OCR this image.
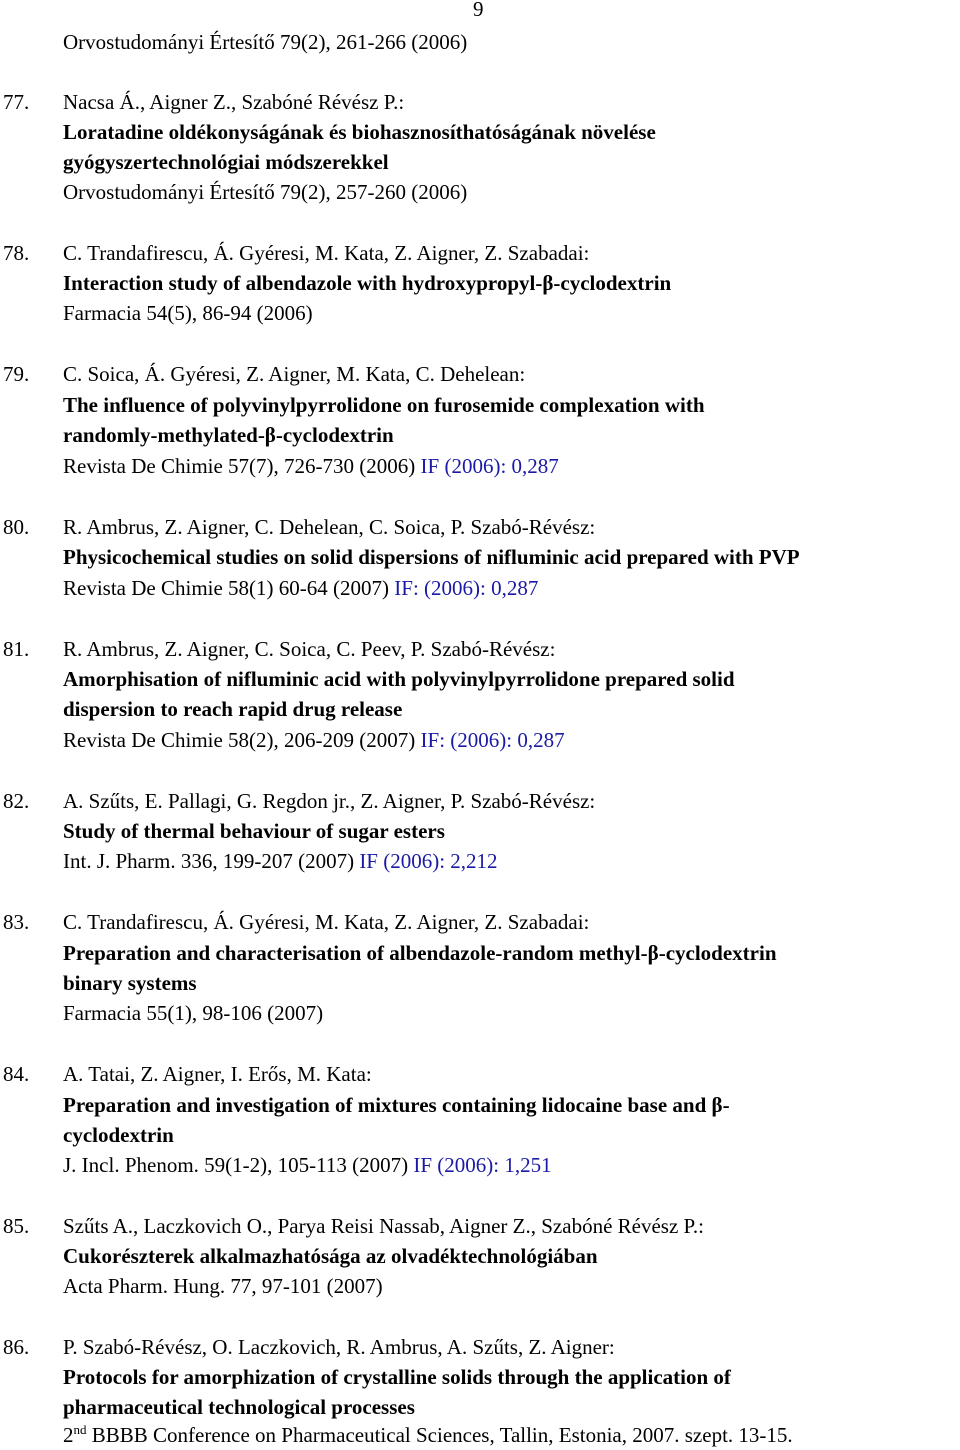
9
Orvostudományi Értesítő 79(2), 261-266 (2006)
77. Nacsa Á., Aigner Z., Szabóné Révész P.:
Loratadine oldékonyságának és biohasznosíthatóságának növelése
gyógyszertechnológiai módszerekkel
Orvostudományi Értesítő 79(2), 257-260 (2006)
78. C. Trandafirescu, Á. Gyéresi, M. Kata, Z. Aigner, Z. Szabadai:
Interaction study of albendazole with hydroxypropyl-β-cyclodextrin
Farmacia 54(5), 86-94 (2006)
79. C. Soica, Á. Gyéresi, Z. Aigner, M. Kata, C. Dehelean:
The influence of polyvinylpyrrolidone on furosemide complexation with
randomly-methylated-β-cyclodextrin
Revista De Chimie 57(7), 726-730 (2006) IF (2006): 0,287
80. R. Ambrus, Z. Aigner, C. Dehelean, C. Soica, P. Szabó-Révész:
Physicochemical studies on solid dispersions of nifluminic acid prepared with PVP
Revista De Chimie 58(1) 60-64 (2007) IF: (2006): 0,287
81. R. Ambrus, Z. Aigner, C. Soica, C. Peev, P. Szabó-Révész:
Amorphisation of nifluminic acid with polyvinylpyrrolidone prepared solid
dispersion to reach rapid drug release
Revista De Chimie 58(2), 206-209 (2007) IF: (2006): 0,287
82. A. Szűts, E. Pallagi, G. Regdon jr., Z. Aigner, P. Szabó-Révész:
Study of thermal behaviour of sugar esters
Int. J. Pharm. 336, 199-207 (2007) IF (2006): 2,212
83. C. Trandafirescu, Á. Gyéresi, M. Kata, Z. Aigner, Z. Szabadai:
Preparation and characterisation of albendazole-random methyl-β-cyclodextrin
binary systems
Farmacia 55(1), 98-106 (2007)
84. A. Tatai, Z. Aigner, I. Erős, M. Kata:
Preparation and investigation of mixtures containing lidocaine base and β-
cyclodextrin
J. Incl. Phenom. 59(1-2), 105-113 (2007) IF (2006): 1,251
85. Szűts A., Laczkovich O., Parya Reisi Nassab, Aigner Z., Szabóné Révész P.:
Cukorészterek alkalmazhatósága az olvadéktechnológiában
Acta Pharm. Hung. 77, 97-101 (2007)
86. P. Szabó-Révész, O. Laczkovich, R. Ambrus, A. Szűts, Z. Aigner:
Protocols for amorphization of crystalline solids through the application of
pharmaceutical technological processes
2nd BBBB Conference on Pharmaceutical Sciences, Tallin, Estonia, 2007. szept. 13-15.
